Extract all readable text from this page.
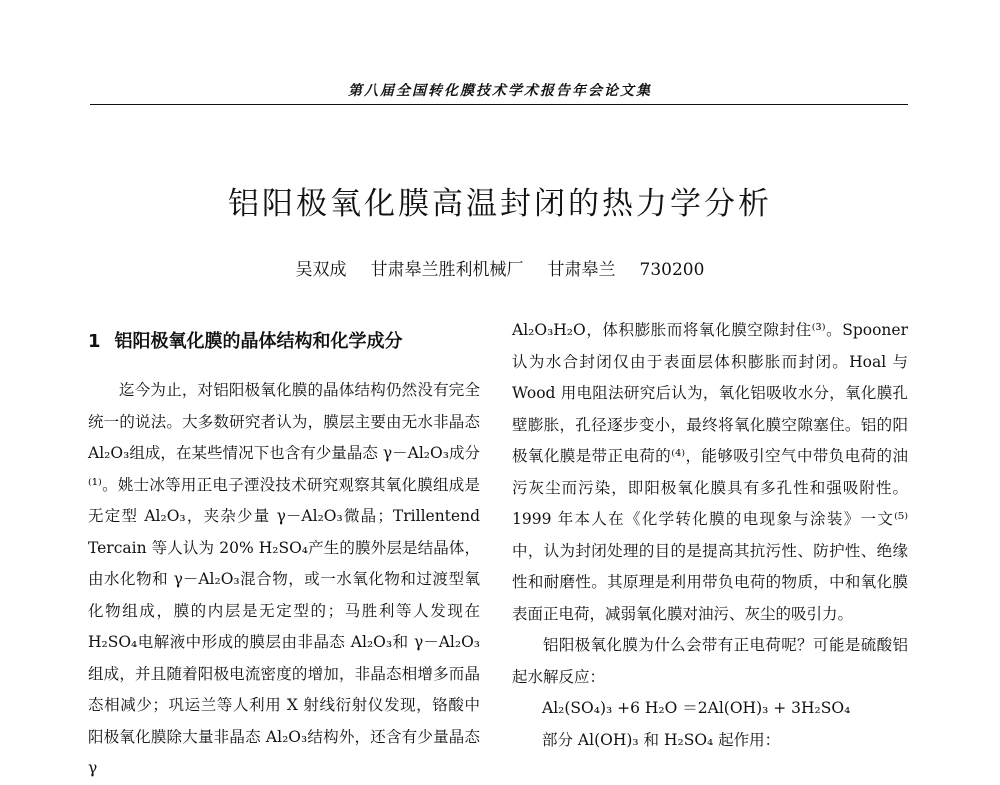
第八届全国转化膜技术学术报告年会论文集
铝阳极氧化膜高温封闭的热力学分析
吴双成 甘肃皋兰胜利机械厂 甘肃皋兰 730200
1 铝阳极氧化膜的晶体结构和化学成分

迄今为止，对铝阳极氧化膜的晶体结构仍然没有完全统一的说法。大多数研究者认为，膜层主要由无水非晶态 Al₂O₃组成，在某些情况下也含有少量晶态 γ－Al₂O₃成分⁽¹⁾。姚士冰等用正电子湮没技术研究观察其氧化膜组成是无定型 Al₂O₃，夹杂少量 γ－Al₂O₃微晶；Trillentend Tercain 等人认为 20% H₂SO₄产生的膜外层是结晶体，由水化物和 γ－Al₂O₃混合物，或一水氧化物和过渡型氧化物组成，膜的内层是无定型的；马胜利等人发现在 H₂SO₄电解液中形成的膜层由非晶态 Al₂O₃和 γ－Al₂O₃组成，并且随着阳极电流密度的增加，非晶态相增多而晶态相减少；巩运兰等人利用 X 射线衍射仪发现，铬酸中阳极氧化膜除大量非晶态 Al₂O₃结构外，还含有少量晶态 γ

Al₂O₃H₂O，体积膨胀而将氧化膜空隙封住⁽³⁾。Spooner 认为水合封闭仅由于表面层体积膨胀而封闭。Hoal 与 Wood 用电阻法研究后认为，氧化铝吸收水分，氧化膜孔壁膨胀，孔径逐步变小，最终将氧化膜空隙塞住。铝的阳极氧化膜是带正电荷的⁽⁴⁾，能够吸引空气中带负电荷的油污灰尘而污染，即阳极氧化膜具有多孔性和强吸附性。1999 年本人在《化学转化膜的电现象与涂装》一文⁽⁵⁾中，认为封闭处理的目的是提高其抗污性、防护性、绝缘性和耐磨性。其原理是利用带负电荷的物质，中和氧化膜表面正电荷，减弱氧化膜对油污、灰尘的吸引力。

铝阳极氧化膜为什么会带有正电荷呢？可能是硫酸铝起水解反应：

Al₂(SO₄)₃ +6 H₂O ＝2Al(OH)₃ + 3H₂SO₄

部分 Al(OH)₃ 和 H₂SO₄ 起作用：
